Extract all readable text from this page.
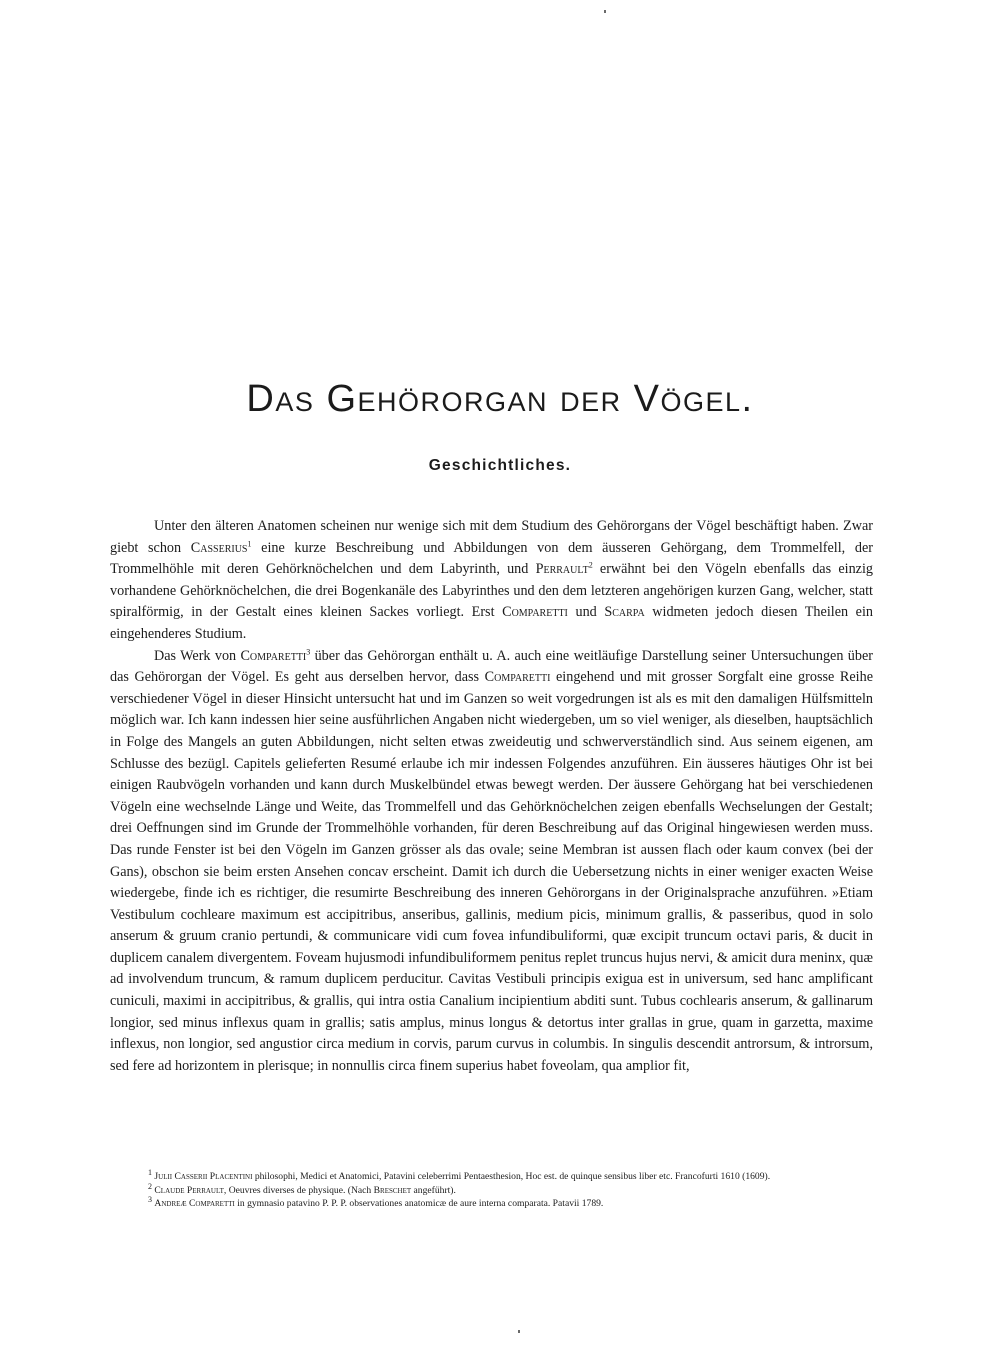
Das Gehörorgan der Vögel.
Geschichtliches.

Unter den älteren Anatomen scheinen nur wenige sich mit dem Studium des Gehörorgans der Vögel beschäftigt haben. Zwar giebt schon Casserius$^1$ eine kurze Beschreibung und Abbildungen von dem äusseren Gehörgang, dem Trommelfell, der Trommelhöhle mit deren Gehörknöchelchen und dem Labyrinth, und Perrault$^2$ erwähnt bei den Vögeln ebenfalls das einzig vorhandene Gehörknöchelchen, die drei Bogenkanäle des Labyrinthes und den dem letzteren angehörigen kurzen Gang, welcher, statt spiralförmig, in der Gestalt eines kleinen Sackes vorliegt. Erst Comparetti und Scarpa widmeten jedoch diesen Theilen ein eingehenderes Studium.

Das Werk von Comparetti$^3$ über das Gehörorgan enthält u. A. auch eine weitläufige Darstellung seiner Untersuchungen über das Gehörorgan der Vögel. Es geht aus derselben hervor, dass Comparetti eingehend und mit grosser Sorgfalt eine grosse Reihe verschiedener Vögel in dieser Hinsicht untersucht hat und im Ganzen so weit vorgedrungen ist als es mit den damaligen Hülfsmitteln möglich war. Ich kann indessen hier seine ausführlichen Angaben nicht wiedergeben, um so viel weniger, als dieselben, hauptsächlich in Folge des Mangels an guten Abbildungen, nicht selten etwas zweideutig und schwerverständlich sind. Aus seinem eigenen, am Schlusse des bezügl. Capitels gelieferten Resumé erlaube ich mir indessen Folgendes anzuführen. Ein äusseres häutiges Ohr ist bei einigen Raubvögeln vorhanden und kann durch Muskelbündel etwas bewegt werden. Der äussere Gehörgang hat bei verschiedenen Vögeln eine wechselnde Länge und Weite, das Trommelfell und das Gehörknöchelchen zeigen ebenfalls Wechselungen der Gestalt; drei Oeffnungen sind im Grunde der Trommelhöhle vorhanden, für deren Beschreibung auf das Original hingewiesen werden muss. Das runde Fenster ist bei den Vögeln im Ganzen grösser als das ovale; seine Membran ist aussen flach oder kaum convex (bei der Gans), obschon sie beim ersten Ansehen concav erscheint. Damit ich durch die Uebersetzung nichts in einer weniger exacten Weise wiedergebe, finde ich es richtiger, die resumirte Beschreibung des inneren Gehörorgans in der Originalsprache anzuführen. »Etiam Vestibulum cochleare maximum est accipitribus, anseribus, gallinis, medium picis, minimum grallis, & passeribus, quod in solo anserum & gruum cranio pertundi, & communicare vidi cum fovea infundibuliformi, quæ excipit truncum octavi paris, & ducit in duplicem canalem divergentem. Foveam hujusmodi infundibuliformem penitus replet truncus hujus nervi, & amicit dura meninx, quæ ad involvendum truncum, & ramum duplicem perducitur. Cavitas Vestibuli principis exigua est in universum, sed hanc amplificant cuniculi, maximi in accipitribus, & grallis, qui intra ostia Canalium incipientium abditi sunt. Tubus cochlearis anserum, & gallinarum longior, sed minus inflexus quam in grallis; satis amplus, minus longus & detortus inter grallas in grue, quam in garzetta, maxime inflexus, non longior, sed angustior circa medium in corvis, parum curvus in columbis. In singulis descendit antrorsum, & introrsum, sed fere ad horizontem in plerisque; in nonnullis circa finem superius habet foveolam, qua amplior fit,

$^1$ Julii Casserii Placentini philosophi, Medici et Anatomici, Patavini celeberrimi Pentaesthesion, Hoc est. de quinque sensibus liber etc. Francofurti 1610 (1609).

$^2$ Claude Perrault, Oeuvres diverses de physique. (Nach Breschet angeführt).

$^3$ Andreæ Comparetti in gymnasio patavino P. P. P. observationes anatomicæ de aure interna comparata. Patavii 1789.
